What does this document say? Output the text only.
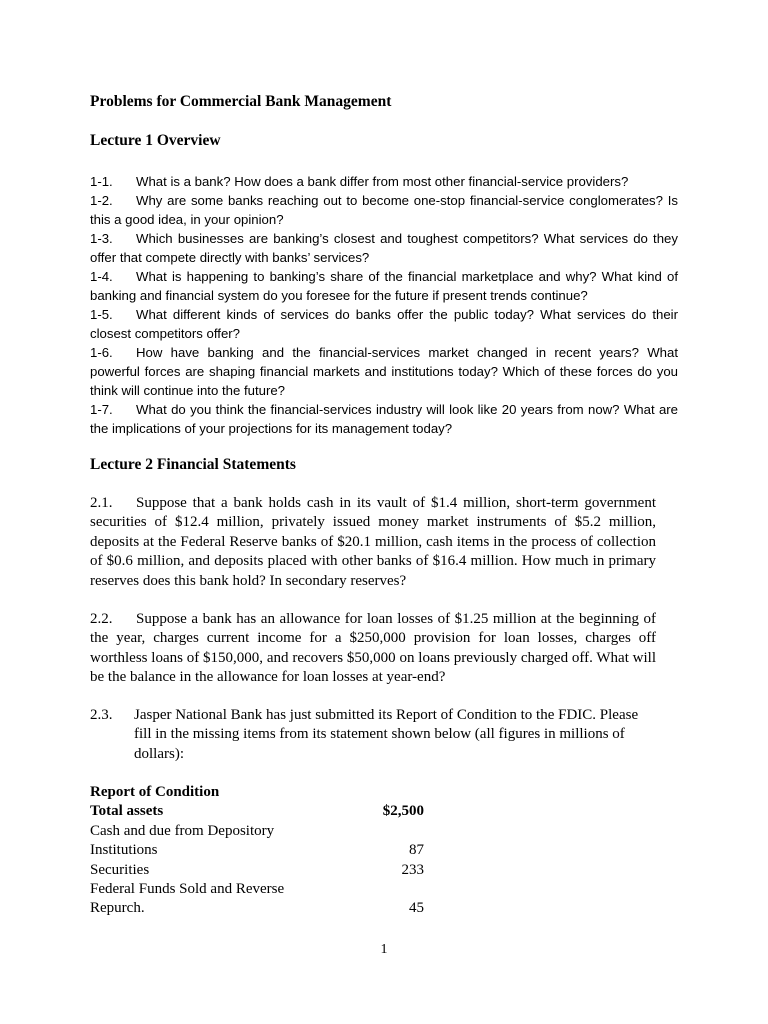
Problems for Commercial Bank Management
Lecture 1 Overview
1-1. What is a bank? How does a bank differ from most other financial-service providers?
1-2. Why are some banks reaching out to become one-stop financial-service conglomerates? Is this a good idea, in your opinion?
1-3. Which businesses are banking’s closest and toughest competitors? What services do they offer that compete directly with banks’ services?
1-4. What is happening to banking’s share of the financial marketplace and why? What kind of banking and financial system do you foresee for the future if present trends continue?
1-5. What different kinds of services do banks offer the public today? What services do their closest competitors offer?
1-6. How have banking and the financial-services market changed in recent years? What powerful forces are shaping financial markets and institutions today? Which of these forces do you think will continue into the future?
1-7. What do you think the financial-services industry will look like 20 years from now? What are the implications of your projections for its management today?
Lecture 2 Financial Statements
2.1. Suppose that a bank holds cash in its vault of $1.4 million, short-term government securities of $12.4 million, privately issued money market instruments of $5.2 million, deposits at the Federal Reserve banks of $20.1 million, cash items in the process of collection of $0.6 million, and deposits placed with other banks of $16.4 million. How much in primary reserves does this bank hold? In secondary reserves?
2.2. Suppose a bank has an allowance for loan losses of $1.25 million at the beginning of the year, charges current income for a $250,000 provision for loan losses, charges off worthless loans of $150,000, and recovers $50,000 on loans previously charged off. What will be the balance in the allowance for loan losses at year-end?
2.3.	Jasper National Bank has just submitted its Report of Condition to the FDIC. Please fill in the missing items from its statement shown below (all figures in millions of dollars):
Report of Condition
Total assets	$2,500
Cash and due from Depository
Institutions	87
Securities	233
Federal Funds Sold and Reverse
Repurch.	45
1
